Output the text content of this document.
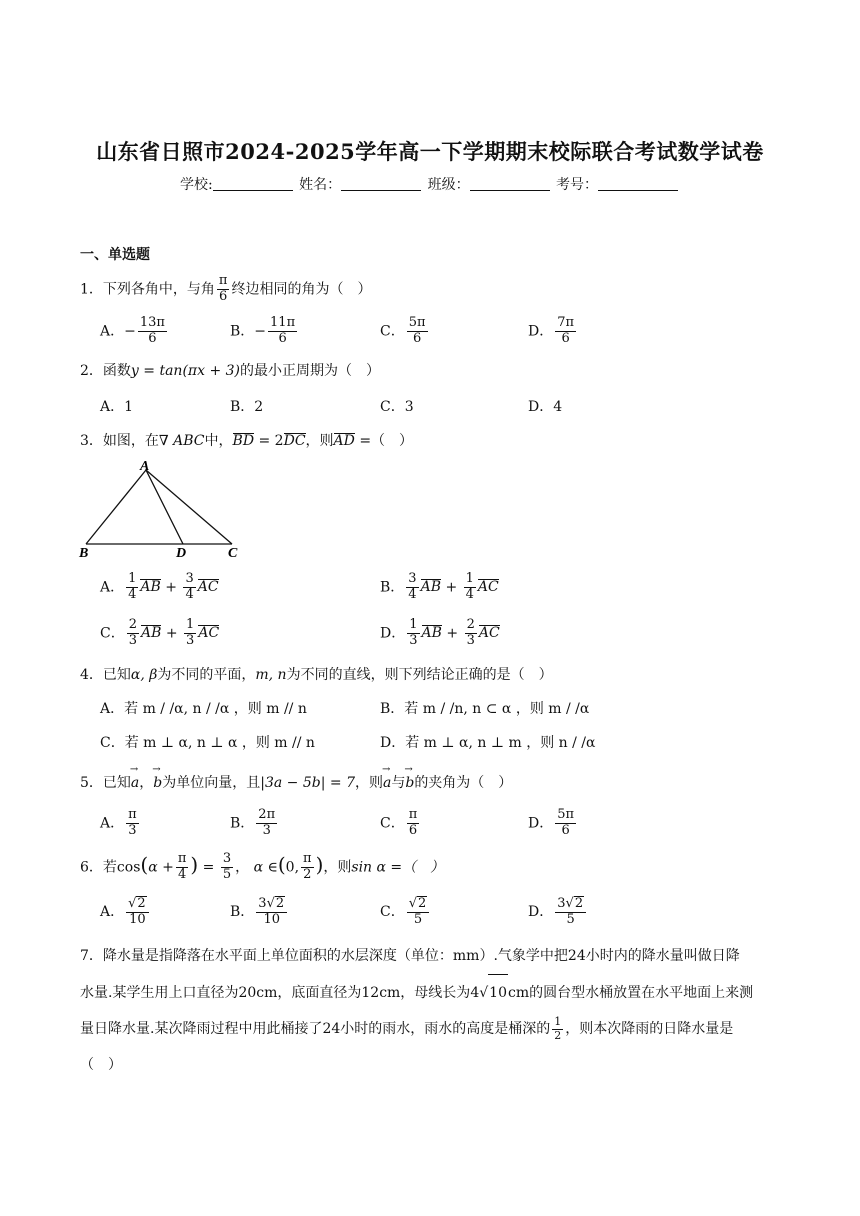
山东省日照市2024-2025学年高一下学期期末校际联合考试数学试卷
学校:	姓名：	班级：	考号：
一、单选题
1．下列各角中，与角 $\frac{\pi}{6}$ 终边相同的角为（　）
A．− $\frac{13\pi}{6}$	B．− $\frac{11\pi}{6}$	C． $\frac{5\pi}{6}$	D． $\frac{7\pi}{6}$
2．函数y = tan(πx + 3)的最小正周期为（　）
A．1	B．2	C．3	D．4
3．如图，在∇ ABC中，BD = 2DC，则AD =（　）
A
B	D	C
A． $\frac{1}{4}$ AB + $\frac{3}{4}$ AC	B． $\frac{3}{4}$ AB + $\frac{1}{4}$ AC
C． $\frac{2}{3}$ AB + $\frac{1}{3}$ AC	D． $\frac{1}{3}$ AB + $\frac{2}{3}$ AC
4．已知α, β为不同的平面，m, n为不同的直线，则下列结论正确的是（　）
A．若 m / /α, n / /α ，则 m // n	B．若 m / /n, n ⊂ α ，则 m / /α
C．若 m ⊥ α, n ⊥ α ，则 m // n	D．若 m ⊥ α, n ⊥ m ，则 n / /α
5．已知→ a，→ b为单位向量，且|3a − 5b| = 7，则→ a与→ b的夹角为（　）
A． $\frac{\pi}{3}$	B． $\frac{2\pi}{3}$	C． $\frac{\pi}{6}$	D． $\frac{5\pi}{6}$
6．若$\cos(\alpha + \frac{\pi}{4}$ ) = $\frac{3}{5}$ ， α ∈(0, $\frac{\pi}{2}$ )，则sin α =（　）
A． $\frac{√2}{10}$	B． $\frac{3√2}{10}$	C． $\frac{√2}{5}$	D． $\frac{3√2}{5}$
7．降水量是指降落在水平面上单位面积的水层深度（单位：mm）.气象学中把24小时内的降水量叫做日降
水量.某学生用上口直径为20cm，底面直径为12cm，母线长为4√10cm的圆台型水桶放置在水平地面上来测
量日降水量.某次降雨过程中用此桶接了24小时的雨水，雨水的高度是桶深的 $\frac{1}{2}$ ，则本次降雨的日降水量是
（　）
